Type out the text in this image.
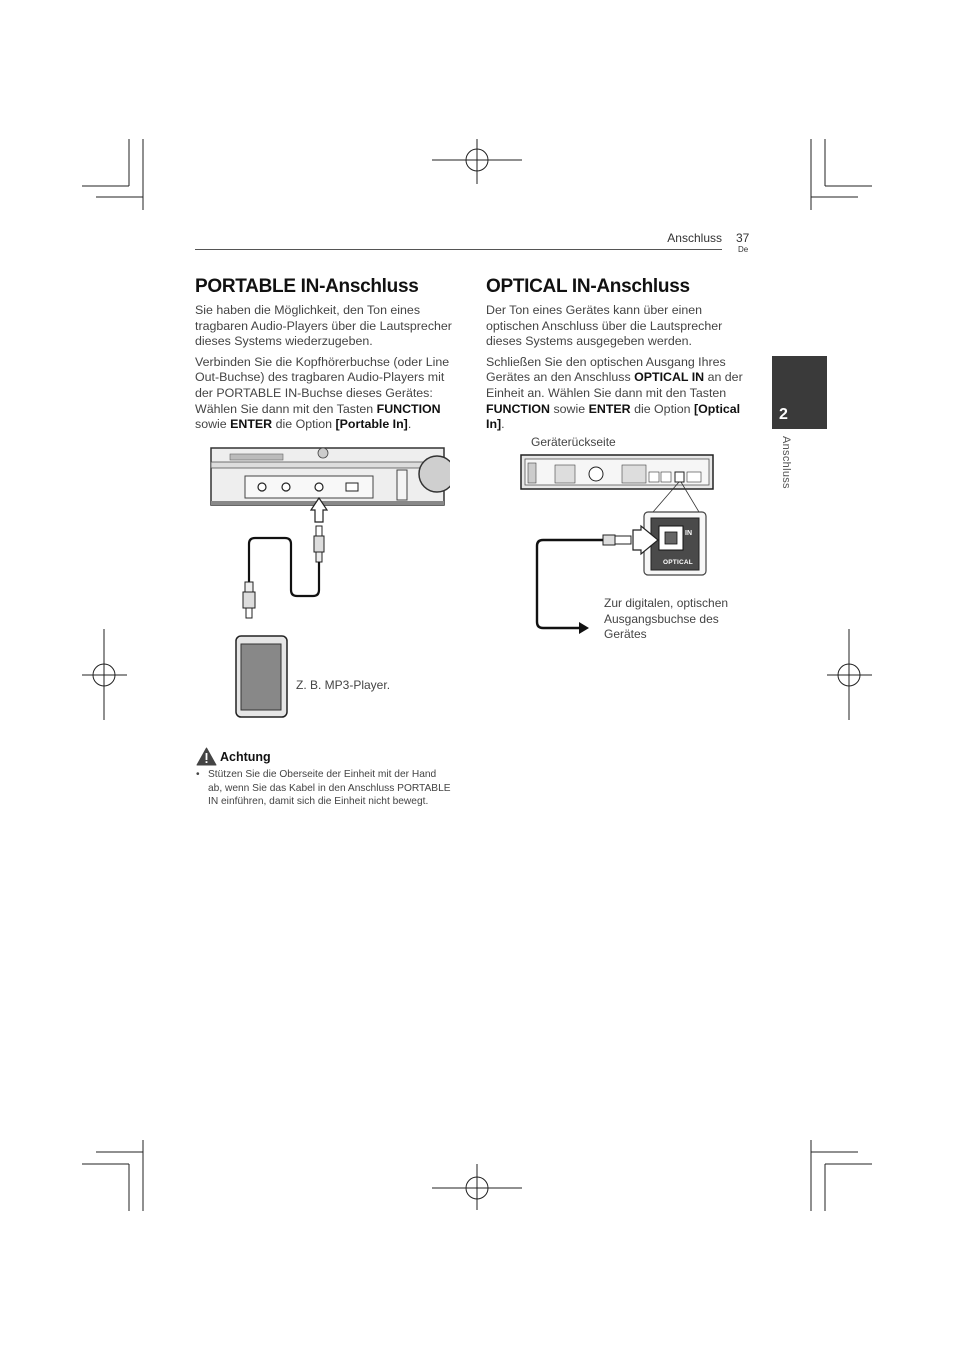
Anschluss 37
De
2
Anschluss
PORTABLE IN-Anschluss

Sie haben die Möglichkeit, den Ton eines tragbaren Audio-Players über die Lautsprecher dieses Systems wiederzugeben.

Verbinden Sie die Kopfhörerbuchse (oder Line Out-Buchse) des tragbaren Audio-Players mit der PORTABLE IN-Buchse dieses Gerätes: Wählen Sie dann mit den Tasten FUNCTION sowie ENTER die Option [Portable In].

Z. B. MP3-Player.
Achtung
• Stützen Sie die Oberseite der Einheit mit der Hand ab, wenn Sie das Kabel in den Anschluss PORTABLE IN einführen, damit sich die Einheit nicht bewegt.
OPTICAL IN-Anschluss

Der Ton eines Gerätes kann über einen optischen Anschluss über die Lautsprecher dieses Systems ausgegeben werden.

Schließen Sie den optischen Ausgang Ihres Gerätes an den Anschluss OPTICAL IN an der Einheit an. Wählen Sie dann mit den Tasten FUNCTION sowie ENTER die Option [Optical In].

Geräterückseite
IN
OPTICAL
Zur digitalen, optischen Ausgangsbuchse des Gerätes
